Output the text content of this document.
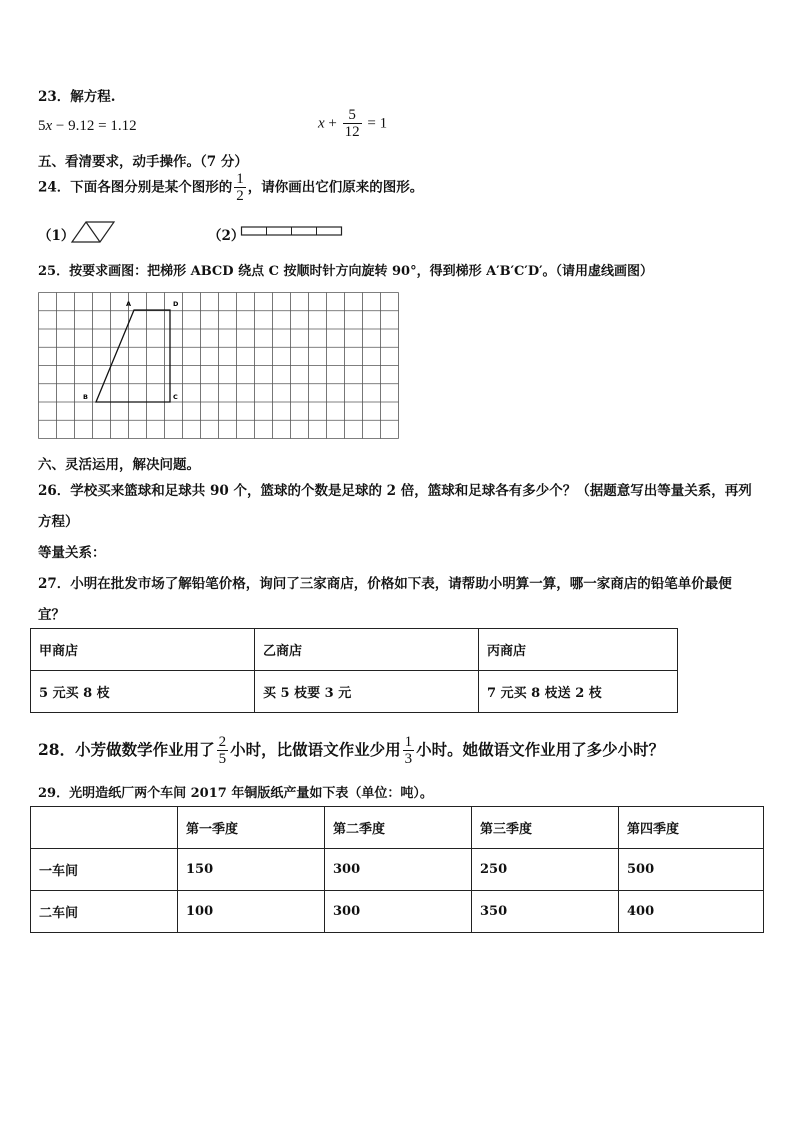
23．解方程.
5x − 9.12 = 1.12	$x + \frac{5}{12} = 1$
五、看清要求，动手操作。（7 分）
24．下面各图分别是某个图形的 $\frac{1}{2}$ ，请你画出它们原来的图形。
（1）	（2）
25．按要求画图：把梯形 ABCD 绕点 C 按顺时针方向旋转 90°，得到梯形 A′B′C′D′。（请用虚线画图）
A	D
B	C
六、灵活运用，解决问题。
26．学校买来篮球和足球共 90 个，篮球的个数是足球的 2 倍，篮球和足球各有多少个？（据题意写出等量关系，再列
方程）
等量关系：
27．小明在批发市场了解铅笔价格，询问了三家商店，价格如下表，请帮助小明算一算，哪一家商店的铅笔单价最便
宜？
甲商店	乙商店	丙商店
5 元买 8 枝	买 5 枝要 3 元	7 元买 8 枝送 2 枝
28．小芳做数学作业用了 $\frac{2}{5}$ 小时，比做语文作业少用 $\frac{1}{3}$ 小时。她做语文作业用了多少小时？
29．光明造纸厂两个车间 2017 年铜版纸产量如下表（单位：吨）。
	第一季度	第二季度	第三季度	第四季度
一车间	150	300	250	500
二车间	100	300	350	400
